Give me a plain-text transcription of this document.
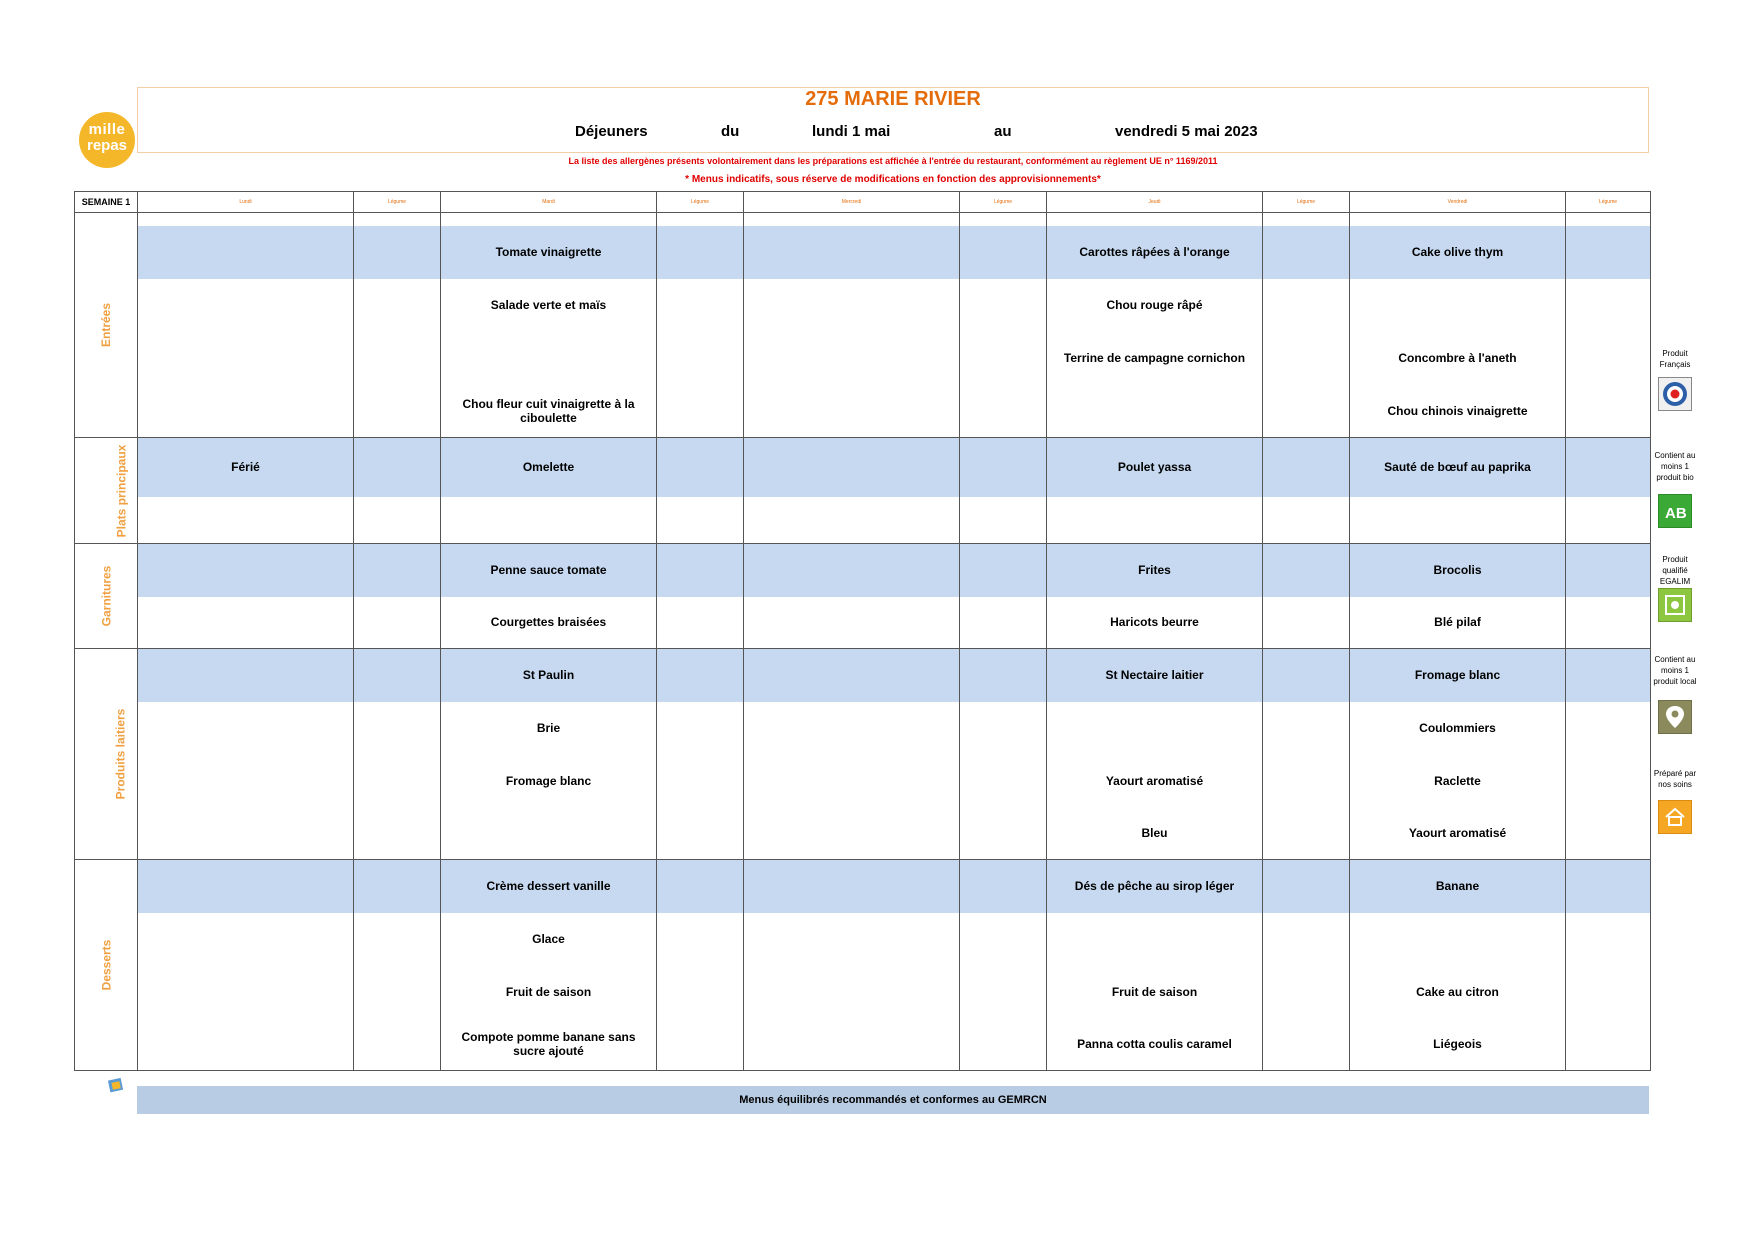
mille
repas
275 MARIE RIVIER
Déjeuners	du	lundi 1 mai	au	vendredi 5 mai 2023
La liste des allergènes présents volontairement dans les préparations est affichée à l'entrée du restaurant, conformément au règlement UE n° 1169/2011
* Menus indicatifs, sous réserve de modifications en fonction des approvisionnements*
SEMAINE 1	Lundi	Légume	Mardi	Légume	Mercredi	Légume	Jeudi	Légume	Vendredi	Légume
Entrées										
			Tomate vinaigrette				Carottes râpées à l'orange		Cake olive thym	
			Salade verte et maïs				Chou rouge râpé			
							Terrine de campagne cornichon		Concombre à l'aneth	
			Chou fleur cuit vinaigrette à la ciboulette						Chou chinois vinaigrette	
Plats principaux	Férié		Omelette				Poulet yassa		Sauté de bœuf au paprika	

Garnitures			Penne sauce tomate				Frites		Brocolis	
			Courgettes braisées				Haricots beurre		Blé pilaf	
Produits laitiers			St Paulin				St Nectaire laitier		Fromage blanc	
			Brie						Coulommiers	
			Fromage blanc				Yaourt aromatisé		Raclette	
							Bleu		Yaourt aromatisé	
Desserts			Crème dessert vanille				Dés de pêche au sirop léger		Banane	
			Glace							
			Fruit de saison				Fruit de saison		Cake au citron	
			Compote pomme banane sans sucre ajouté				Panna cotta coulis caramel		Liégeois	
Produit Français
Contient au moins 1 produit bio
AB
Produit qualifié EGALIM
Contient au moins 1 produit local
Préparé par nos soins
Menus équilibrés recommandés et conformes au GEMRCN
